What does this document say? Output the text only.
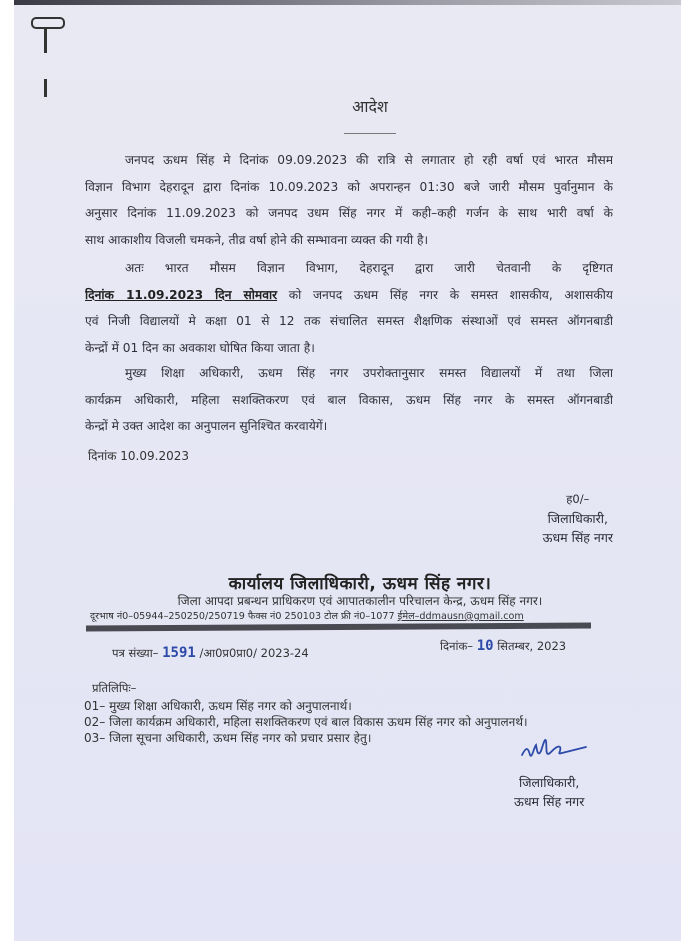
आदेश
जनपद ऊधम सिंह मे दिनांक 09.09.2023 की रात्रि से लगातार हो रही वर्षा एवं भारत मौसम
विज्ञान विभाग देहरादून द्वारा दिनांक 10.09.2023 को अपरान्हन 01:30 बजे जारी मौसम पुर्वानुमान के
अनुसार दिनांक 11.09.2023 को जनपद उधम सिंह नगर में कही–कही गर्जन के साथ भारी वर्षा के
साथ आकाशीय विजली चमकने, तीव्र वर्षा होने की सम्भावना व्यक्त की गयी है।
अतः भारत मौसम विज्ञान विभाग, देहरादून द्वारा जारी चेतवानी के दृष्टिगत
दिनांक 11.09.2023 दिन सोमवार को जनपद ऊधम सिंह नगर के समस्त शासकीय, अशासकीय
एवं निजी विद्यालयों मे कक्षा 01 से 12 तक संचालित समस्त शैक्षणिक संस्थाओं एवं समस्त ऑगनबाडी
केन्द्रों में 01 दिन का अवकाश घोषित किया जाता है।
मुख्य शिक्षा अधिकारी, ऊधम सिंह नगर उपरोक्तानुसार समस्त विद्यालयों में तथा जिला
कार्यक्रम अधिकारी, महिला सशक्तिकरण एवं बाल विकास, ऊधम सिंह नगर के समस्त ऑगनबाडी
केन्द्रों मे उक्त आदेश का अनुपालन सुनिश्चित करवायेगें।
दिनांक 10.09.2023
ह0/–
जिलाधिकारी,
ऊधम सिंह नगर
कार्यालय जिलाधिकारी, ऊधम सिंह नगर।
जिला आपदा प्रबन्धन प्राधिकरण एवं आपातकालीन परिचालन केन्द्र, ऊधम सिंह नगर।
दूरभाष नं0–05944–250250/250719 फैक्स नं0 250103 टोल फ्री नं0–1077 ईमेल–ddmausn@gmail.com
पत्र संख्या– 1591 /आ0प्र0प्रा0/ 2023-24	दिनांक– 10 सितम्बर, 2023
प्रतिलिपिः–
01– मुख्य शिक्षा अधिकारी, ऊधम सिंह नगर को अनुपालनार्थ।
02– जिला कार्यक्रम अधिकारी, महिला सशक्तिकरण एवं बाल विकास ऊधम सिंह नगर को अनुपालनर्थ।
03– जिला सूचना अधिकारी, ऊधम सिंह नगर को प्रचार प्रसार हेतु।
जिलाधिकारी,
ऊधम सिंह नगर
